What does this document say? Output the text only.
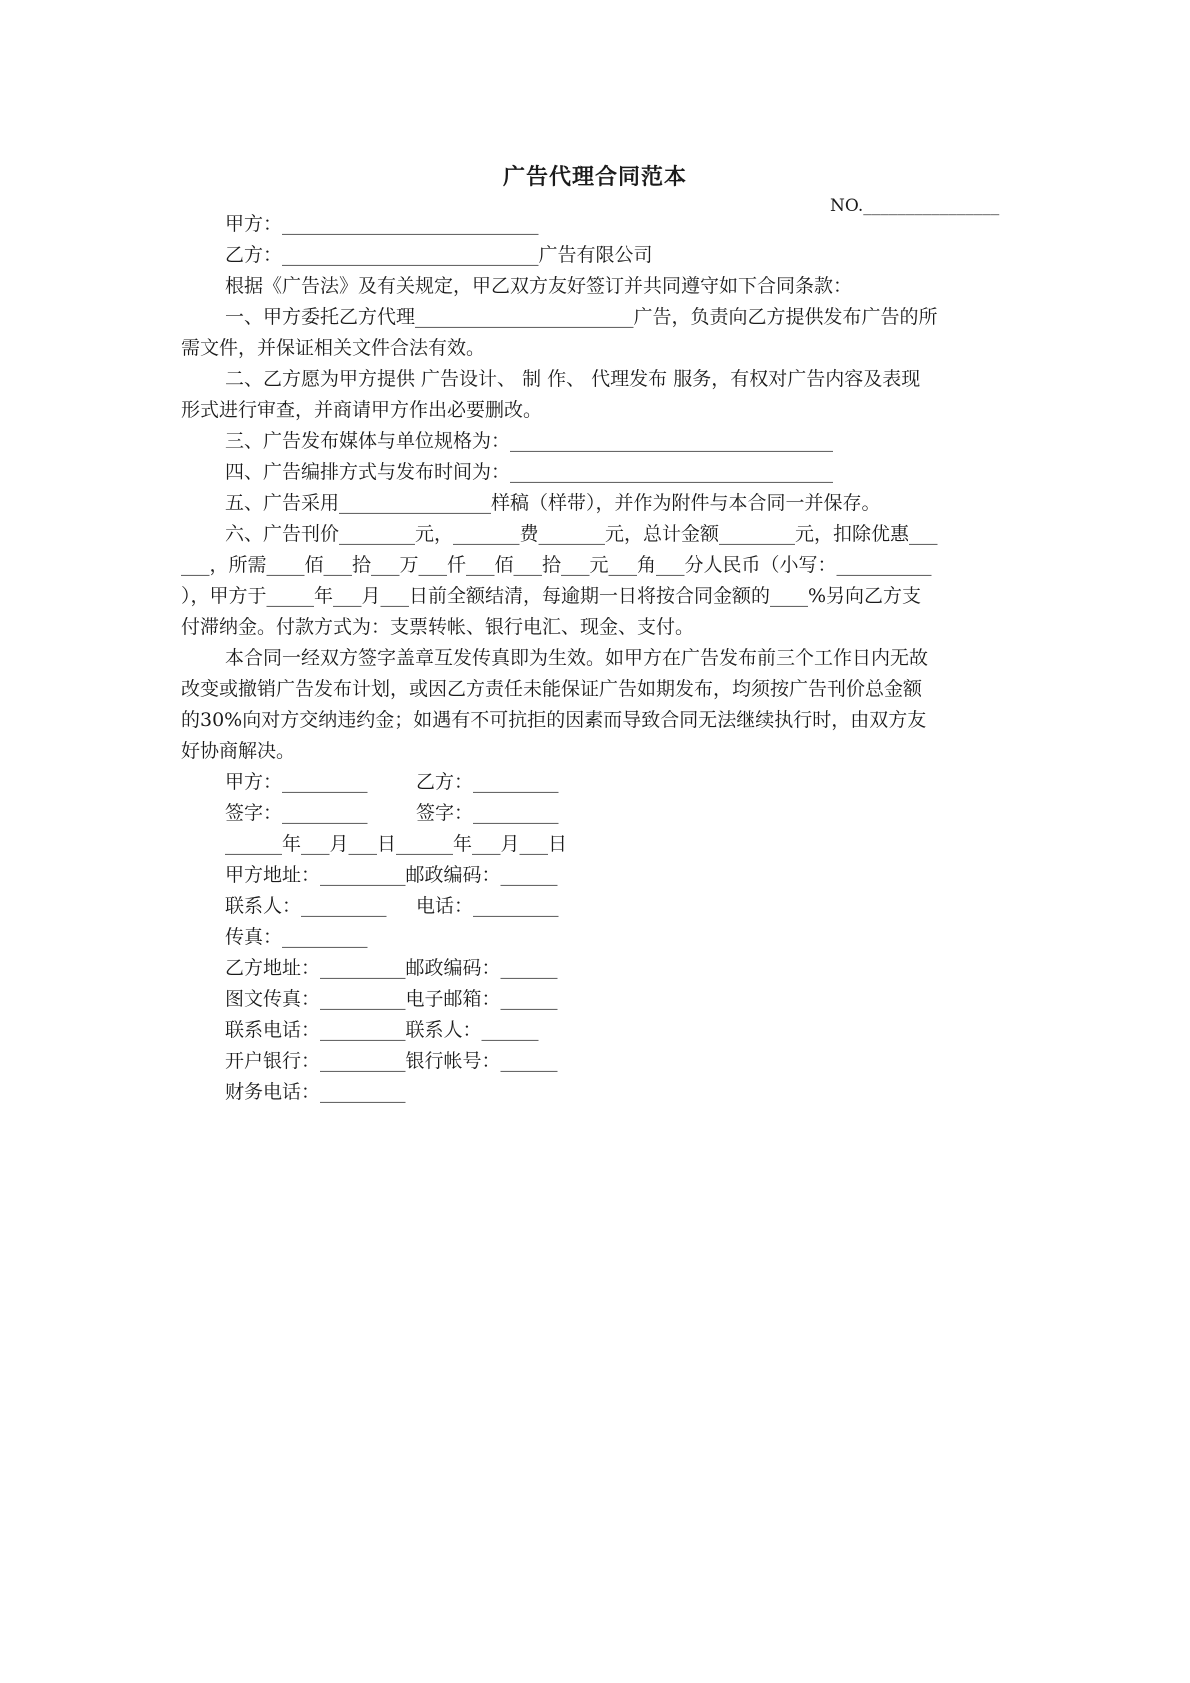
广告代理合同范本
NO.________________
甲方：___________________________
乙方：___________________________广告有限公司
根据《广告法》及有关规定，甲乙双方友好签订并共同遵守如下合同条款：
一、甲方委托乙方代理_______________________广告，负责向乙方提供发布广告的所
需文件，并保证相关文件合法有效。
二、乙方愿为甲方提供 广告设计、 制 作、 代理发布 服务，有权对广告内容及表现
形式进行审查，并商请甲方作出必要删改。
三、广告发布媒体与单位规格为：__________________________________
四、广告编排方式与发布时间为：__________________________________
五、广告采用________________样稿（样带），并作为附件与本合同一并保存。
六、广告刊价________元，_______费_______元，总计金额________元，扣除优惠___
___，所需____佰___拾___万___仟___佰___拾___元___角___分人民币（小写：__________
），甲方于_____年___月___日前全额结清，每逾期一日将按合同金额的____%另向乙方支
付滞纳金。付款方式为：支票转帐、银行电汇、现金、支付。
本合同一经双方签字盖章互发传真即为生效。如甲方在广告发布前三个工作日内无故
改变或撤销广告发布计划，或因乙方责任未能保证广告如期发布，均须按广告刊价总金额
的30%向对方交纳违约金；如遇有不可抗拒的因素而导致合同无法继续执行时，由双方友
好协商解决。
甲方：_________	乙方：_________
签字：_________	签字：_________
______年___月___日______年___月___日
甲方地址：_________邮政编码：______
联系人：_________ 电话：_________
传真：_________
乙方地址：_________邮政编码：______
图文传真：_________电子邮箱：______
联系电话：_________联系人：______
开户银行：_________银行帐号：______
财务电话：_________
